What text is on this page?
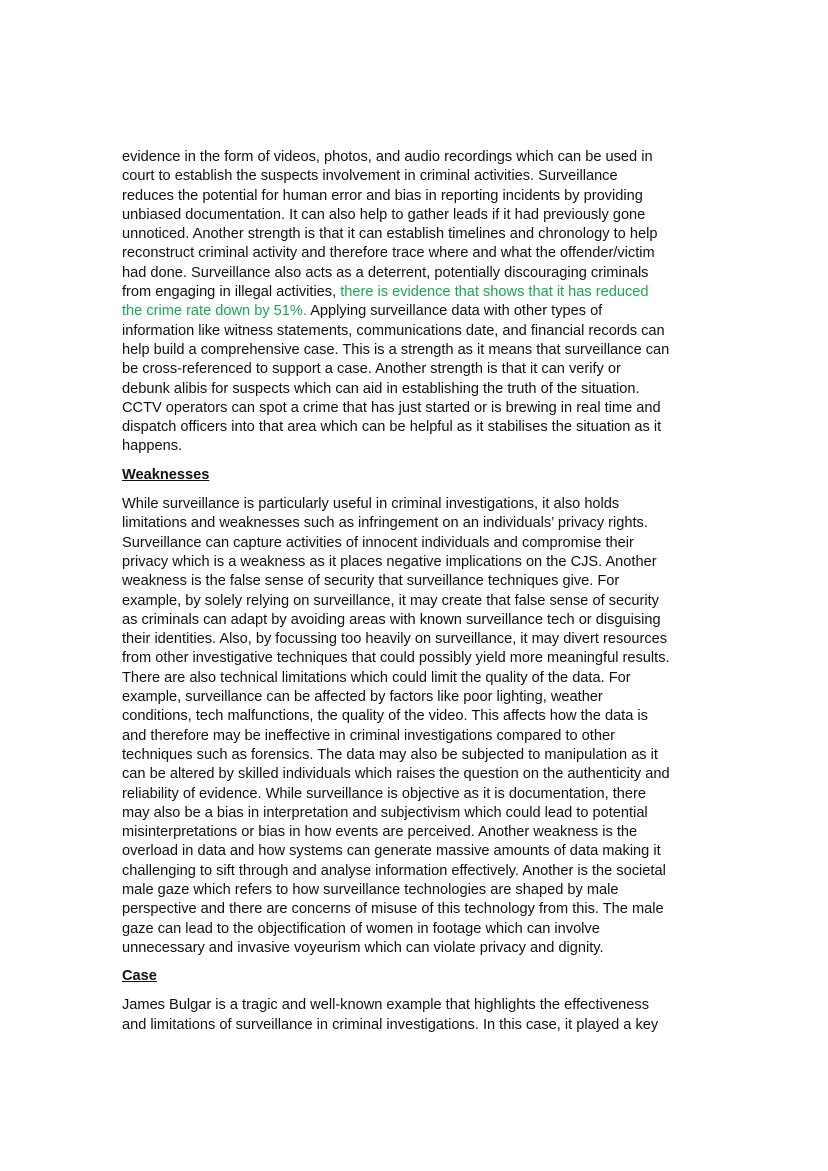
evidence in the form of videos, photos, and audio recordings which can be used in
court to establish the suspects involvement in criminal activities. Surveillance
reduces the potential for human error and bias in reporting incidents by providing
unbiased documentation. It can also help to gather leads if it had previously gone
unnoticed. Another strength is that it can establish timelines and chronology to help
reconstruct criminal activity and therefore trace where and what the offender/victim
had done. Surveillance also acts as a deterrent, potentially discouraging criminals
from engaging in illegal activities, there is evidence that shows that it has reduced
the crime rate down by 51%. Applying surveillance data with other types of
information like witness statements, communications date, and financial records can
help build a comprehensive case. This is a strength as it means that surveillance can
be cross-referenced to support a case. Another strength is that it can verify or
debunk alibis for suspects which can aid in establishing the truth of the situation.
CCTV operators can spot a crime that has just started or is brewing in real time and
dispatch officers into that area which can be helpful as it stabilises the situation as it
happens.

Weaknesses

While surveillance is particularly useful in criminal investigations, it also holds
limitations and weaknesses such as infringement on an individuals’ privacy rights.
Surveillance can capture activities of innocent individuals and compromise their
privacy which is a weakness as it places negative implications on the CJS. Another
weakness is the false sense of security that surveillance techniques give. For
example, by solely relying on surveillance, it may create that false sense of security
as criminals can adapt by avoiding areas with known surveillance tech or disguising
their identities. Also, by focussing too heavily on surveillance, it may divert resources
from other investigative techniques that could possibly yield more meaningful results.
There are also technical limitations which could limit the quality of the data. For
example, surveillance can be affected by factors like poor lighting, weather
conditions, tech malfunctions, the quality of the video. This affects how the data is
and therefore may be ineffective in criminal investigations compared to other
techniques such as forensics. The data may also be subjected to manipulation as it
can be altered by skilled individuals which raises the question on the authenticity and
reliability of evidence. While surveillance is objective as it is documentation, there
may also be a bias in interpretation and subjectivism which could lead to potential
misinterpretations or bias in how events are perceived. Another weakness is the
overload in data and how systems can generate massive amounts of data making it
challenging to sift through and analyse information effectively. Another is the societal
male gaze which refers to how surveillance technologies are shaped by male
perspective and there are concerns of misuse of this technology from this. The male
gaze can lead to the objectification of women in footage which can involve
unnecessary and invasive voyeurism which can violate privacy and dignity.

Case

James Bulgar is a tragic and well-known example that highlights the effectiveness
and limitations of surveillance in criminal investigations. In this case, it played a key
